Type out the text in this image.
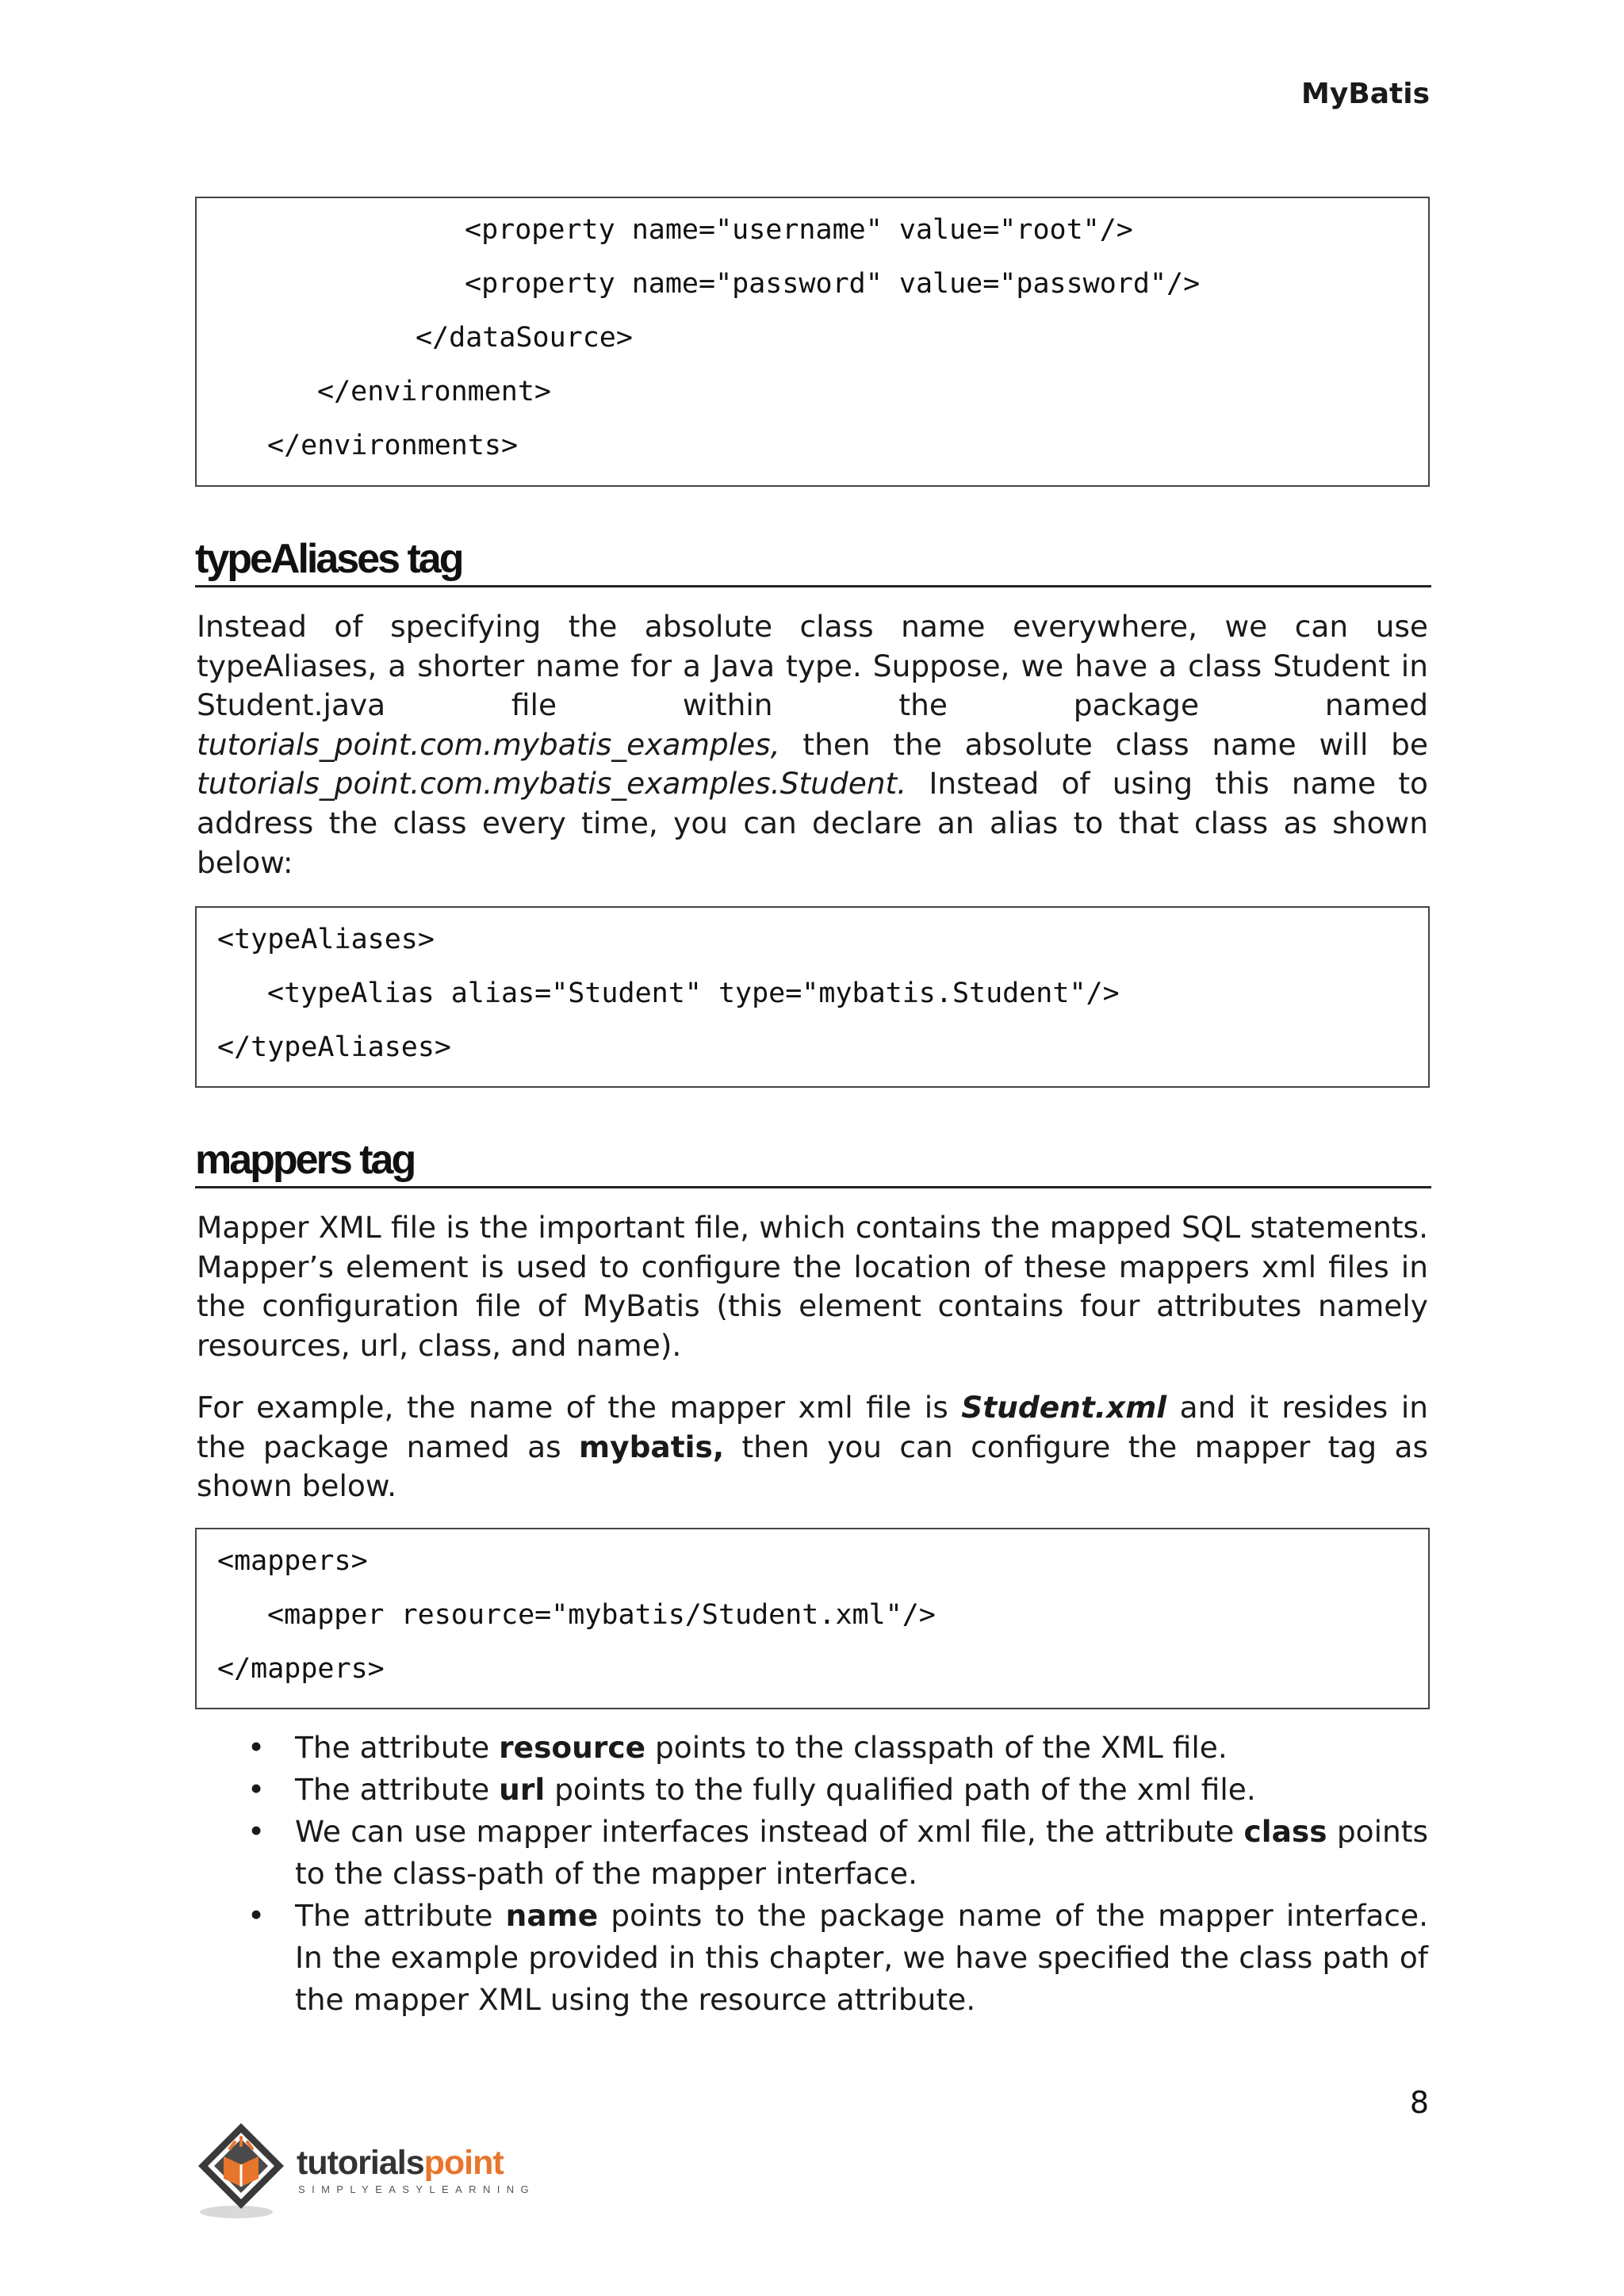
MyBatis
<property name="username" value="root"/>
<property name="password" value="password"/>
</dataSource>
</environment>
</environments>
typeAliases tag
Instead of specifying the absolute class name everywhere, we can use typeAliases, a shorter name for a Java type. Suppose, we have a class Student in Student.java file within the package named tutorials_point.com.mybatis_examples, then the absolute class name will be tutorials_point.com.mybatis_examples.Student. Instead of using this name to address the class every time, you can declare an alias to that class as shown below:
<typeAliases>
<typeAlias alias="Student" type="mybatis.Student"/>
</typeAliases>
mappers tag
Mapper XML file is the important file, which contains the mapped SQL statements. Mapper’s element is used to configure the location of these mappers xml files in the configuration file of MyBatis (this element contains four attributes namely resources, url, class, and name).
For example, the name of the mapper xml file is Student.xml and it resides in the package named as mybatis, then you can configure the mapper tag as shown below.
<mappers>
<mapper resource="mybatis/Student.xml"/>
</mappers>
• The attribute resource points to the classpath of the XML file.
• The attribute url points to the fully qualified path of the xml file.
• We can use mapper interfaces instead of xml file, the attribute class points to the class-path of the mapper interface.
• The attribute name points to the package name of the mapper interface. In the example provided in this chapter, we have specified the class path of the mapper XML using the resource attribute.
8
tutorialspoint
SIMPLYEASYLEARNING
